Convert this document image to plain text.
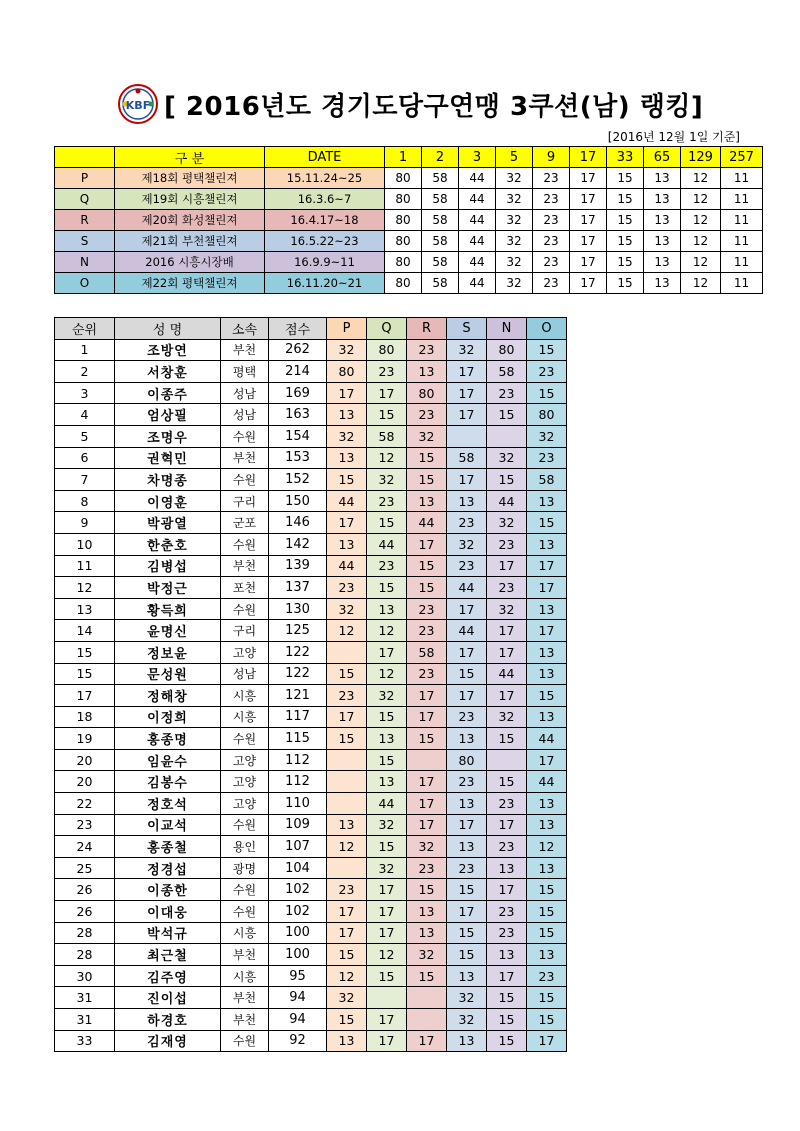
KBF [ 2016년도 경기도당구연맹 3쿠션(남) 랭킹]
[2016년 12월 1일 기준]
	구 분	DATE	1	2	3	5	9	17	33	65	129	257
P	제18회 평택챌린져	15.11.24~25	80	58	44	32	23	17	15	13	12	11
Q	제19회 시흥챌린져	16.3.6~7	80	58	44	32	23	17	15	13	12	11
R	제20회 화성챌린져	16.4.17~18	80	58	44	32	23	17	15	13	12	11
S	제21회 부천챌린져	16.5.22~23	80	58	44	32	23	17	15	13	12	11
N	2016 시흥시장배	16.9.9~11	80	58	44	32	23	17	15	13	12	11
O	제22회 평택챌린져	16.11.20~21	80	58	44	32	23	17	15	13	12	11
순위	성 명	소속	점수	P	Q	R	S	N	O
1	조방연	부천	262	32	80	23	32	80	15
2	서창훈	평택	214	80	23	13	17	58	23
3	이종주	성남	169	17	17	80	17	23	15
4	엄상필	성남	163	13	15	23	17	15	80
5	조명우	수원	154	32	58	32			32
6	권혁민	부천	153	13	12	15	58	32	23
7	차명종	수원	152	15	32	15	17	15	58
8	이영훈	구리	150	44	23	13	13	44	13
9	박광열	군포	146	17	15	44	23	32	15
10	한춘호	수원	142	13	44	17	32	23	13
11	김병섭	부천	139	44	23	15	23	17	17
12	박정근	포천	137	23	15	15	44	23	17
13	황득희	수원	130	32	13	23	17	32	13
14	윤명신	구리	125	12	12	23	44	17	17
15	정보윤	고양	122		17	58	17	17	13
15	문성원	성남	122	15	12	23	15	44	13
17	정해창	시흥	121	23	32	17	17	17	15
18	이정희	시흥	117	17	15	17	23	32	13
19	홍종명	수원	115	15	13	15	13	15	44
20	임윤수	고양	112		15		80		17
20	김봉수	고양	112		13	17	23	15	44
22	정호석	고양	110		44	17	13	23	13
23	이교석	수원	109	13	32	17	17	17	13
24	홍종철	용인	107	12	15	32	13	23	12
25	정경섭	광명	104		32	23	23	13	13
26	이종한	수원	102	23	17	15	15	17	15
26	이대웅	수원	102	17	17	13	17	23	15
28	박석규	시흥	100	17	17	13	15	23	15
28	최근철	부천	100	15	12	32	15	13	13
30	김주영	시흥	95	12	15	15	13	17	23
31	진이섭	부천	94	32			32	15	15
31	하경호	부천	94	15	17		32	15	15
33	김재영	수원	92	13	17	17	13	15	17
